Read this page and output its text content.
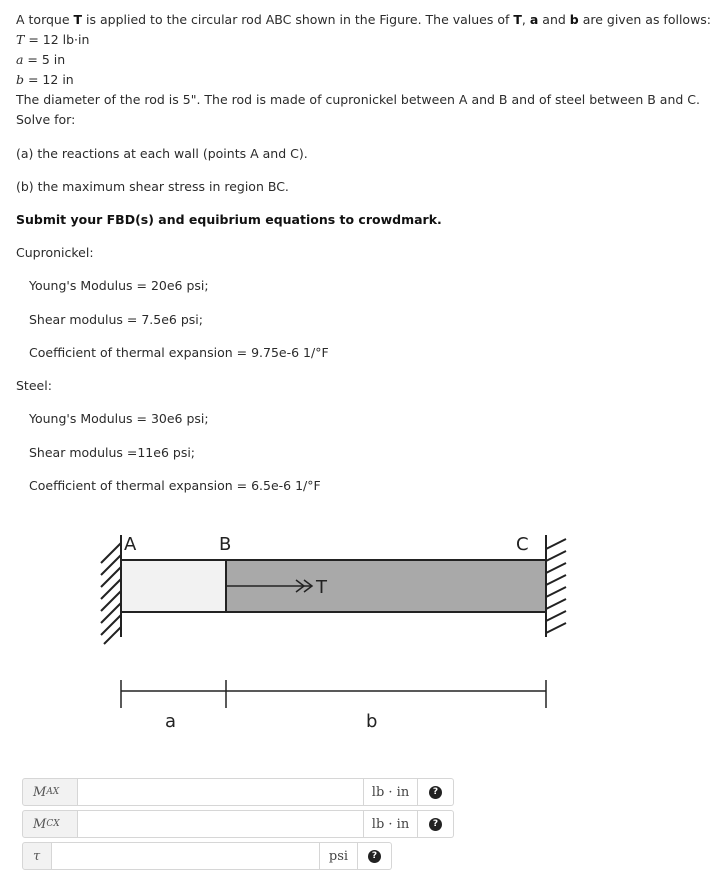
A torque T is applied to the circular rod ABC shown in the Figure. The values of T, a and b are given as follows:
T = 12 lb·in
a = 5 in
b = 12 in
The diameter of the rod is 5". The rod is made of cupronickel between A and B and of steel between B and C.
Solve for:
(a) the reactions at each wall (points A and C).
(b) the maximum shear stress in region BC.
Submit your FBD(s) and equibrium equations to crowdmark.
Cupronickel:
Young's Modulus = 20e6 psi;
Shear modulus = 7.5e6 psi;
Coefficient of thermal expansion = 9.75e-6 1/°F
Steel:
Young's Modulus = 30e6 psi;
Shear modulus =11e6 psi;
Coefficient of thermal expansion = 6.5e-6 1/°F
T
A	B	C
a	b
M AX	lb · in	?
M CX	lb · in	?
τ	psi	?
